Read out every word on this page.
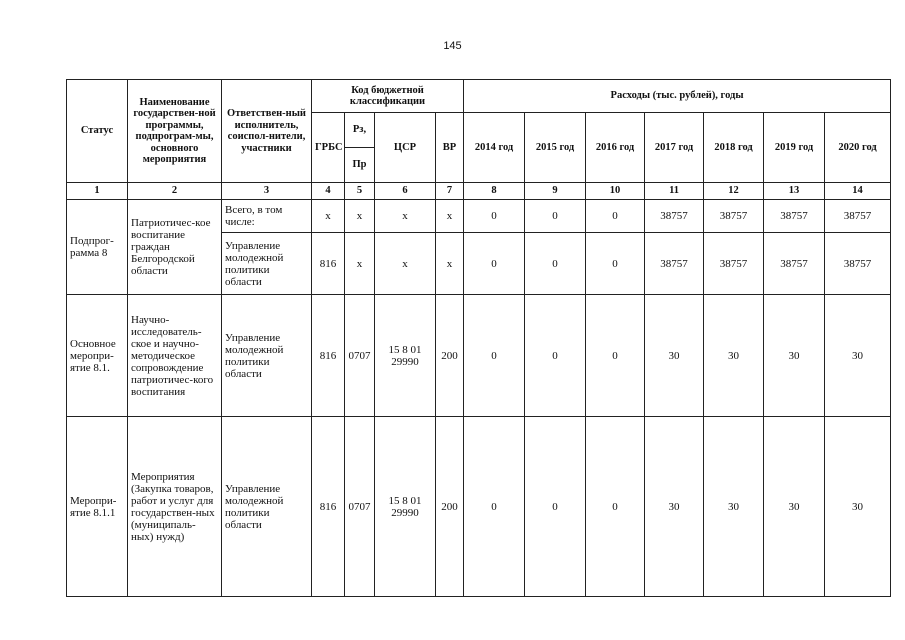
145
Статус	Наименование государствен-ной программы, подпрограм-мы, основного мероприятия	Ответствен-ный исполнитель, соиспол-нители, участники	Код бюджетной классификации				Расходы (тыс. рублей), годы						
			ГРБС	Рз,	ЦСР	ВР	2014 год	2015 год	2016 год	2017 год	2018 год	2019 год	2020 год
				Пр									
1	2	3	4	5	6	7	8	9	10	11	12	13	14
Подпрог-рамма 8	Патриотичес-кое воспитание граждан Белгородской области	Всего, в том числе:	х	х	х	х	0	0	0	38757	38757	38757	38757
		Управление молодежной политики области	816	х	х	х	0	0	0	38757	38757	38757	38757
Основное меропри-ятие 8.1.	Научно-исследователь-ское и научно-методическое сопровождение патриотичес-кого воспитания	Управление молодежной политики области	816	0707	15 8 01 29990	200	0	0	0	30	30	30	30
Меропри-ятие 8.1.1	Мероприятия (Закупка товаров, работ и услуг для государствен-ных (муниципаль-ных) нужд)	Управление молодежной политики области	816	0707	15 8 01 29990	200	0	0	0	30	30	30	30
